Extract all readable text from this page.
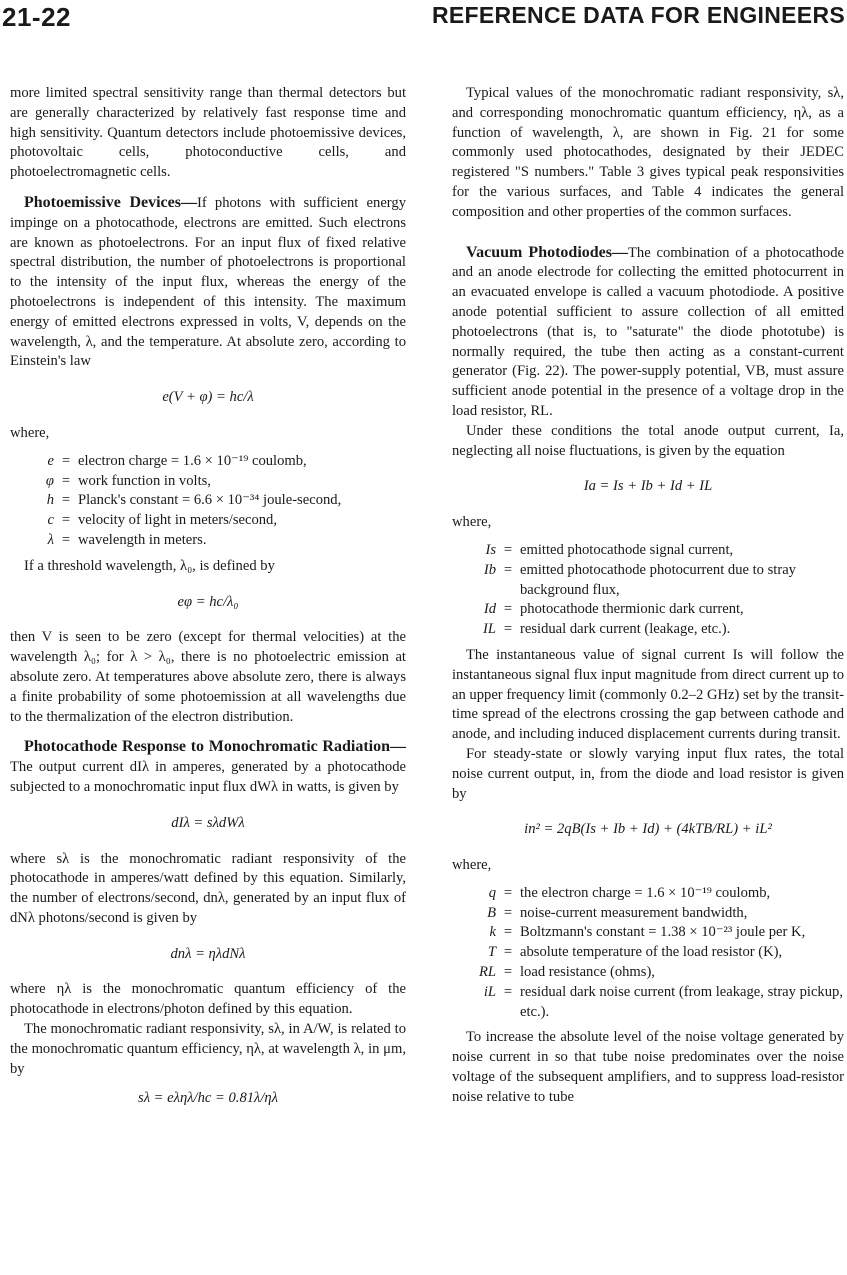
21-22	REFERENCE DATA FOR ENGINEERS

more limited spectral sensitivity range than thermal detectors but are generally characterized by relatively fast response time and high sensitivity. Quantum detectors include photoemissive devices, photovoltaic cells, photoconductive cells, and photoelectromagnetic cells.

Photoemissive Devices—If photons with sufficient energy impinge on a photocathode, electrons are emitted. Such electrons are known as photoelectrons. For an input flux of fixed relative spectral distribution, the number of photoelectrons is proportional to the intensity of the input flux, whereas the energy of the photoelectrons is independent of this intensity. The maximum energy of emitted electrons expressed in volts, V, depends on the wavelength, λ, and the temperature. At absolute zero, according to Einstein's law

e(V + φ) = hc/λ

where,

e = electron charge = 1.6 × 10⁻¹⁹ coulomb,
φ = work function in volts,
h = Planck's constant = 6.6 × 10⁻³⁴ joule-second,
c = velocity of light in meters/second,
λ = wavelength in meters.

If a threshold wavelength, λ₀, is defined by

eφ = hc/λ₀

then V is seen to be zero (except for thermal velocities) at the wavelength λ₀; for λ > λ₀, there is no photoelectric emission at absolute zero. At temperatures above absolute zero, there is always a finite probability of some photoemission at all wavelengths due to the thermalization of the electron distribution.

Photocathode Response to Monochromatic Radiation—The output current dIλ in amperes, generated by a photocathode subjected to a monochromatic input flux dWλ in watts, is given by

dIλ = sλdWλ

where sλ is the monochromatic radiant responsivity of the photocathode in amperes/watt defined by this equation. Similarly, the number of electrons/second, dnλ, generated by an input flux of dNλ photons/second is given by

dnλ = ηλdNλ

where ηλ is the monochromatic quantum efficiency of the photocathode in electrons/photon defined by this equation.

The monochromatic radiant responsivity, sλ, in A/W, is related to the monochromatic quantum efficiency, ηλ, at wavelength λ, in μm, by

sλ = eληλ/hc = 0.81λ/ηλ

Typical values of the monochromatic radiant responsivity, sλ, and corresponding monochromatic quantum efficiency, ηλ, as a function of wavelength, λ, are shown in Fig. 21 for some commonly used photocathodes, designated by their JEDEC registered "S numbers." Table 3 gives typical peak responsivities for the various surfaces, and Table 4 indicates the general composition and other properties of the common surfaces.

Vacuum Photodiodes—The combination of a photocathode and an anode electrode for collecting the emitted photocurrent in an evacuated envelope is called a vacuum photodiode. A positive anode potential sufficient to assure collection of all emitted photoelectrons (that is, to "saturate" the diode phototube) is normally required, the tube then acting as a constant-current generator (Fig. 22). The power-supply potential, VB, must assure sufficient anode potential in the presence of a voltage drop in the load resistor, RL.

Under these conditions the total anode output current, Ia, neglecting all noise fluctuations, is given by the equation

Ia = Is + Ib + Id + IL

where,

Is = emitted photocathode signal current,
Ib = emitted photocathode photocurrent due to stray background flux,
Id = photocathode thermionic dark current,
IL = residual dark current (leakage, etc.).

The instantaneous value of signal current Is will follow the instantaneous signal flux input magnitude from direct current up to an upper frequency limit (commonly 0.2–2 GHz) set by the transit-time spread of the electrons crossing the gap between cathode and anode, and including induced displacement currents during transit.

For steady-state or slowly varying input flux rates, the total noise current output, in, from the diode and load resistor is given by

in² = 2qB(Is + Ib + Id) + (4kTB/RL) + iL²

where,

q = the electron charge = 1.6 × 10⁻¹⁹ coulomb,
B = noise-current measurement bandwidth,
k = Boltzmann's constant = 1.38 × 10⁻²³ joule per K,
T = absolute temperature of the load resistor (K),
RL = load resistance (ohms),
iL = residual dark noise current (from leakage, stray pickup, etc.).

To increase the absolute level of the noise voltage generated by noise current in so that tube noise predominates over the noise voltage of the subsequent amplifiers, and to suppress load-resistor noise relative to tube
